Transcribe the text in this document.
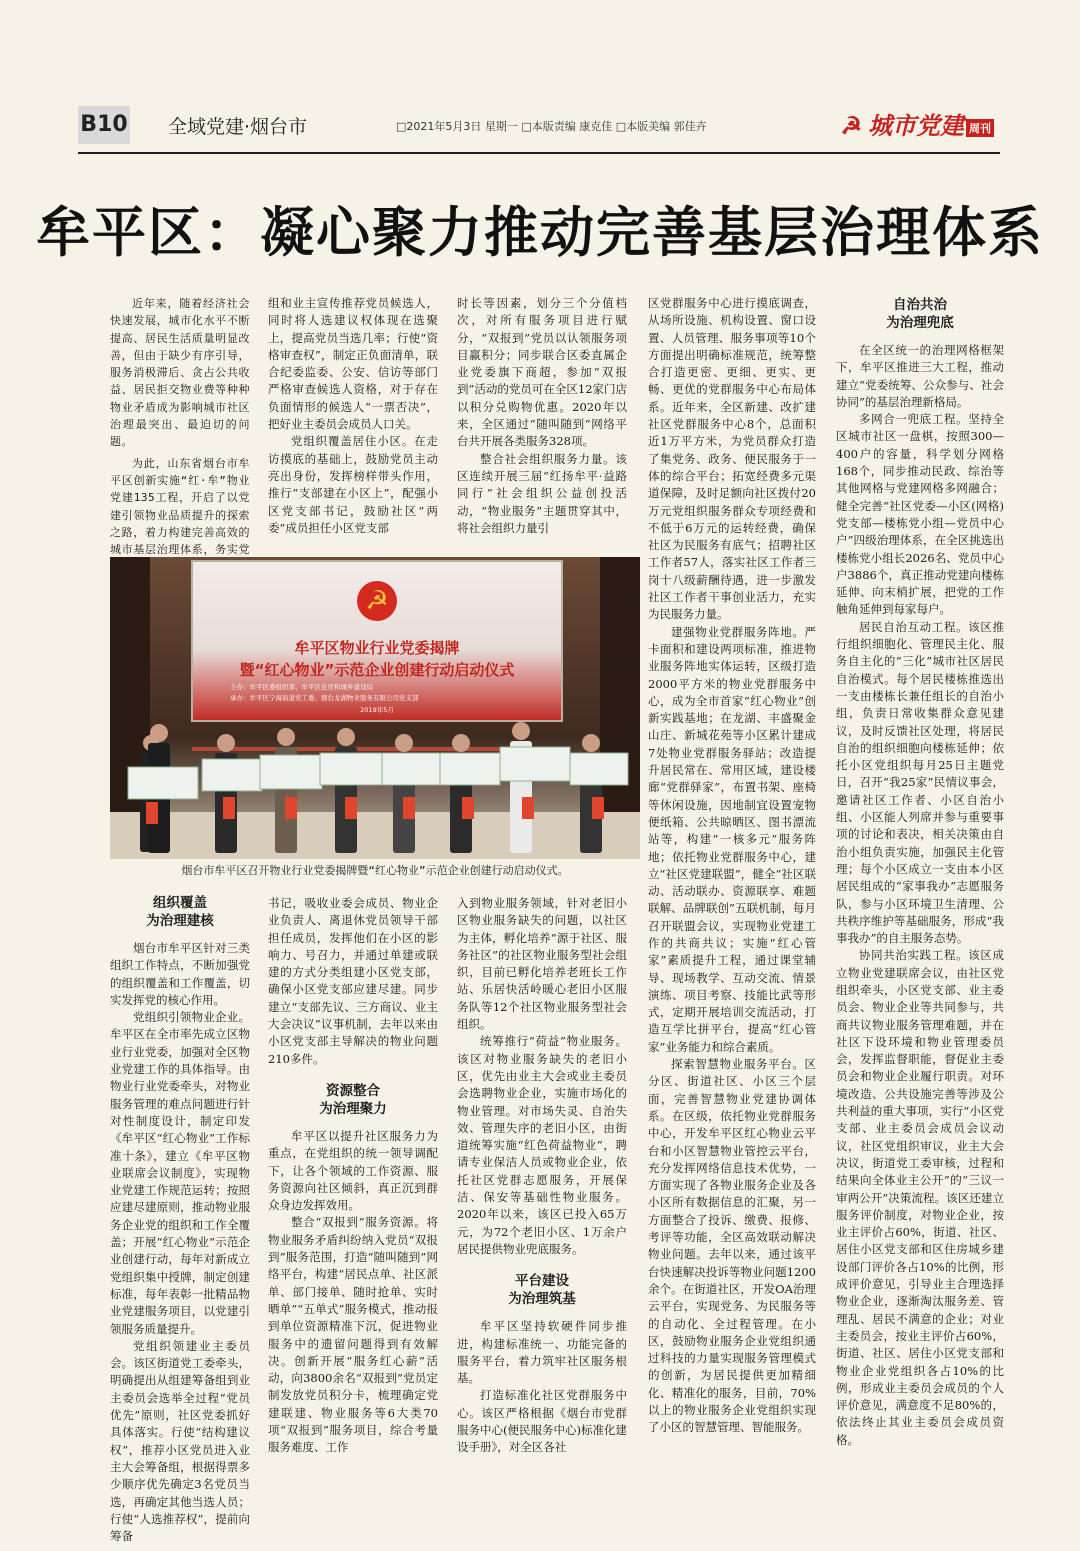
B10 全域党建·烟台市	□2021年5月3日 星期一 □本版责编 康克佳 □本版美编 郭佳卉	☭ 城市党建 周刊
牟平区：凝心聚力推动完善基层治理体系

近年来，随着经济社会快速发展，城市化水平不断提高、居民生活质量明显改善，但由于缺少有序引导，服务消极滞后、贪占公共收益、居民拒交物业费等种种物业矛盾成为影响城市社区治理最突出、最迫切的问题。

为此，山东省烟台市牟平区创新实施“红·牟”物业党建135工程，开启了以党建引领物业品质提升的探索之路，着力构建完善高效的城市基层治理体系，务实党

组和业主宣传推荐党员候选人，同时将人选建议权体现在选聚上，提高党员当选几率；行使“资格审查权”，制定正负面清单，联合纪委监委、公安、信访等部门严格审查候选人资格，对于存在负面情形的候选人“一票否决”，把好业主委员会成员人口关。

党组织覆盖居住小区。在走访摸底的基础上，鼓励党员主动亮出身份，发挥榜样带头作用，推行“支部建在小区上”，配强小区党支部书记，鼓励社区“两委”成员担任小区党支部

时长等因素，划分三个分值档次，对所有服务项目进行赋分，“双报到”党员以认领服务项目赢积分；同步联合区委直属企业党委旗下商超，参加“双报到”活动的党员可在全区12家门店以积分兑购物优惠。2020年以来，全区通过“随叫随到”网络平台共开展各类服务328项。

整合社会组织服务力量。该区连续开展三届“红扬牟平·益路同行”社会组织公益创投活动，“物业服务”主题贯穿其中，将社会组织力量引

☭
牟平区物业行业党委揭牌
暨“红心物业”示范企业创建行动启动仪式
主办：牟平区委组织部、牟平区住房和城乡建设局
承办：牟平区宁海街道党工委、烟台龙湖物业服务有限公司党支部
2019年5月
烟台市牟平区召开物业行业党委揭牌暨“红心物业”示范企业创建行动启动仪式。
组织覆盖
为治理建核

烟台市牟平区针对三类组织工作特点，不断加强党的组织覆盖和工作覆盖，切实发挥党的核心作用。

党组织引领物业企业。牟平区在全市率先成立区物业行业党委，加强对全区物业党建工作的具体指导。由物业行业党委牵头，对物业服务管理的难点问题进行针对性制度设计，制定印发《牟平区“红心物业”工作标准十条》，建立《牟平区物业联席会议制度》，实现物业党建工作规范运转；按照应建尽建原则，推动物业服务企业党的组织和工作全覆盖；开展“红心物业”示范企业创建行动，每年对新成立党组织集中授牌，制定创建标准，每年表彰一批精品物业党建服务项目，以党建引领服务质量提升。

党组织领建业主委员会。该区街道党工委牵头，明确提出从组建筹备组到业主委员会选举全过程“党员优先”原则，社区党委抓好具体落实。行使“结构建议权”，推荐小区党员进入业主大会筹备组，根据得票多少顺序优先确定3名党员当选，再确定其他当选人员；行使“人选推荐权”，提前向筹备

书记，吸收业委会成员、物业企业负责人、离退休党员领导干部担任成员，发挥他们在小区的影响力、号召力，并通过单建或联建的方式分类组建小区党支部，确保小区党支部应建尽建。同步建立“支部先议、三方商议、业主大会决议”议事机制，去年以来由小区党支部主导解决的物业问题210多件。

资源整合
为治理聚力

牟平区以提升社区服务力为重点，在党组织的统一领导调配下，让各个领域的工作资源、服务资源向社区倾斜，真正沉到群众身边发挥效用。

整合“双报到”服务资源。将物业服务矛盾纠纷纳入党员“双报到”服务范围，打造“随叫随到”网络平台，构建“居民点单、社区派单、部门接单、随时抢单、实时晒单”“五单式”服务模式，推动报到单位资源精准下沉，促进物业服务中的遗留问题得到有效解决。创新开展“服务红心薪”活动，向3800余名“双报到”党员定制发放党员积分卡，梳理确定党建联建、物业服务等6大类70项“双报到”服务项目，综合考量服务难度、工作

入到物业服务领域，针对老旧小区物业服务缺失的问题，以社区为主体，孵化培养“源于社区、服务社区”的社区物业服务型社会组织，目前已孵化培养老班长工作站、乐居快活岭暖心老旧小区服务队等12个社区物业服务型社会组织。

统筹推行“荷益”物业服务。该区对物业服务缺失的老旧小区，优先由业主大会或业主委员会选聘物业企业，实施市场化的物业管理。对市场失灵、自治失效、管理失序的老旧小区，由街道统筹实施“红色荷益物业”，聘请专业保洁人员或物业企业，依托社区党群志愿服务，开展保洁、保安等基础性物业服务。2020年以来，该区已投入65万元，为72个老旧小区、1万余户居民提供物业兜底服务。

平台建设
为治理筑基

牟平区坚持软硬件同步推进，构建标准统一、功能完备的服务平台，着力筑牢社区服务根基。

打造标准化社区党群服务中心。该区严格根据《烟台市党群服务中心(便民服务中心)标准化建设手册》，对全区各社

区党群服务中心进行摸底调查，从场所设施、机构设置、窗口设置、人员管理、服务事项等10个方面提出明确标准规范，统筹整合打造更密、更细、更实、更畅、更优的党群服务中心布局体系。近年来，全区新建、改扩建社区党群服务中心8个，总面积近1万平方米，为党员群众打造了集党务、政务、便民服务于一体的综合平台；拓宽经费多元渠道保障，及时足额向社区拨付20万元党组织服务群众专项经费和不低于6万元的运转经费，确保社区为民服务有底气；招聘社区工作者57人，落实社区工作者三岗十八级薪酬待遇，进一步激发社区工作者干事创业活力，充实为民服务力量。

建强物业党群服务阵地。严卡面积和建设两项标准，推进物业服务阵地实体运转，区级打造2000平方米的物业党群服务中心，成为全市首家“红心物业”创新实践基地；在龙湖、丰盛聚金山庄、新城花苑等小区累计建成7处物业党群服务驿站；改造提升居民常在、常用区域，建设楼廊“党群驿家”，布置书架、座椅等休闲设施，因地制宜设置宠物便纸箱、公共晾晒区、图书漂流站等，构建“一核多元”服务阵地；依托物业党群服务中心，建立“社区党建联盟”，健全“社区联动、活动联办、资源联享、难题联解、品牌联创”五联机制，每月召开联盟会议，实现物业党建工作的共商共议；实施“红心管家”素质提升工程，通过课堂辅导、现场教学、互动交流、情景演练、项目考察、技能比武等形式，定期开展培训交流活动，打造互学比拼平台，提高“红心管家”业务能力和综合素质。

探索智慧物业服务平台。区分区、街道社区、小区三个层面，完善智慧物业党建协调体系。在区级，依托物业党群服务中心，开发牟平区红心物业云平台和小区智慧物业管控云平台，充分发挥网络信息技术优势，一方面实现了各物业服务企业及各小区所有数据信息的汇聚，另一方面整合了投诉、缴费、报修、考评等功能，全区高效联动解决物业问题。去年以来，通过该平台快速解决投诉等物业问题1200余个。在街道社区，开发OA治理云平台，实现党务、为民服务等的自动化、全过程管理。在小区，鼓励物业服务企业党组织通过科技的力量实现服务管理模式的创新，为居民提供更加精细化、精准化的服务，目前，70%以上的物业服务企业党组织实现了小区的智慧管理、智能服务。

自治共治
为治理兜底

在全区统一的治理网格框架下，牟平区推进三大工程，推动建立“党委统筹、公众参与、社会协同”的基层治理新格局。

多网合一兜底工程。坚持全区城市社区一盘棋，按照300—400户的容量，科学划分网格168个，同步推动民政、综治等其他网格与党建网格多网融合；健全完善“社区党委—小区(网格)党支部—楼栋党小组—党员中心户”四级治理体系，在全区挑选出楼栋党小组长2026名、党员中心户3886个，真正推动党建向楼栋延伸、向末梢扩展，把党的工作触角延伸到每家每户。

居民自治互动工程。该区推行组织细胞化、管理民主化、服务自主化的“三化”城市社区居民自治模式。每个居民楼栋推选出一支由楼栋长兼任组长的自治小组，负责日常收集群众意见建议，及时反馈社区处理，将居民自治的组织细胞向楼栋延伸；依托小区党组织每月25日主题党日，召开“我25家”民情议事会，邀请社区工作者、小区自治小组、小区能人列席并参与重要事项的讨论和表决，相关决策由自治小组负责实施，加强民主化管理；每个小区成立一支由本小区居民组成的“家事我办”志愿服务队，参与小区环境卫生清理、公共秩序维护等基础服务，形成“我事我办”的自主服务态势。

协同共治实践工程。该区成立物业党建联席会议，由社区党组织牵头，小区党支部、业主委员会、物业企业等共同参与，共商共议物业服务管理难题，并在社区下设环境和物业管理委员会，发挥监督职能，督促业主委员会和物业企业履行职责。对环境改造、公共设施完善等涉及公共利益的重大事项，实行“小区党支部、业主委员会成员会议动议，社区党组织审议，业主大会决议，街道党工委审核，过程和结果向全体业主公开”的“三议一审两公开”决策流程。该区还建立服务评价制度，对物业企业，按业主评价占60%，街道、社区、居住小区党支部和区住房城乡建设部门评价各占10%的比例，形成评价意见，引导业主合理选择物业企业，逐渐淘汰服务差、管理乱、居民不满意的企业；对业主委员会，按业主评价占60%，街道、社区、居住小区党支部和物业企业党组织各占10%的比例，形成业主委员会成员的个人评价意见，满意度不足80%的，依法终止其业主委员会成员资格。
